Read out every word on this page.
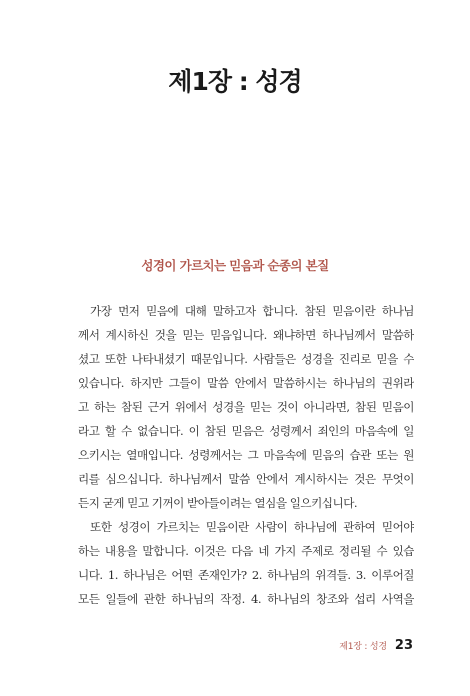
제1장 : 성경
성경이 가르치는 믿음과 순종의 본질
가장 먼저 믿음에 대해 말하고자 합니다. 참된 믿음이란 하나님
께서 계시하신 것을 믿는 믿음입니다. 왜냐하면 하나님께서 말씀하
셨고 또한 나타내셨기 때문입니다. 사람들은 성경을 진리로 믿을 수
있습니다. 하지만 그들이 말씀 안에서 말씀하시는 하나님의 권위라
고 하는 참된 근거 위에서 성경을 믿는 것이 아니라면, 참된 믿음이
라고 할 수 없습니다. 이 참된 믿음은 성령께서 죄인의 마음속에 일
으키시는 열매입니다. 성령께서는 그 마음속에 믿음의 습관 또는 원
리를 심으십니다. 하나님께서 말씀 안에서 계시하시는 것은 무엇이
든지 굳게 믿고 기꺼이 받아들이려는 열심을 일으키십니다.
또한 성경이 가르치는 믿음이란 사람이 하나님에 관하여 믿어야
하는 내용을 말합니다. 이것은 다음 네 가지 주제로 정리될 수 있습
니다. 1. 하나님은 어떤 존재인가? 2. 하나님의 위격들. 3. 이루어질
모든 일들에 관한 하나님의 작정. 4. 하나님의 창조와 섭리 사역을
제1장 : 성경 23
